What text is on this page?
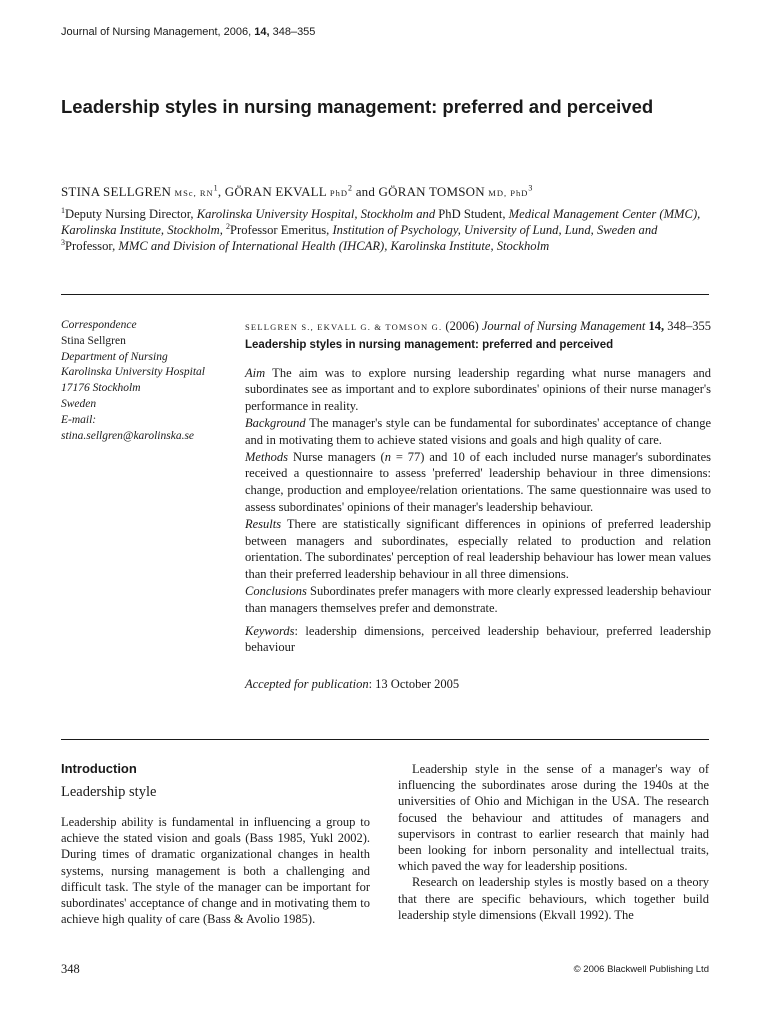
Journal of Nursing Management, 2006, 14, 348–355
Leadership styles in nursing management: preferred and perceived
STINA SELLGREN MSc, $RN^1$, GÖRAN EKVALL PhD$^2$ and GÖRAN TOMSON MD, PhD$^3$
$^1$Deputy Nursing Director, Karolinska University Hospital, Stockholm and PhD Student, Medical Management Center (MMC), Karolinska Institute, Stockholm, $^2$Professor Emeritus, Institution of Psychology, University of Lund, Lund, Sweden and $^3$Professor, MMC and Division of International Health (IHCAR), Karolinska Institute, Stockholm
Correspondence
Stina Sellgren
Department of Nursing
Karolinska University Hospital
17176 Stockholm
Sweden
E-mail:
stina.sellgren@karolinska.se
SELLGREN S., EKVALL G. & TOMSON G. (2006) Journal of Nursing Management 14, 348–355
Leadership styles in nursing management: preferred and perceived
Aim The aim was to explore nursing leadership regarding what nurse managers and subordinates see as important and to explore subordinates' opinions of their nurse manager's performance in reality.
Background The manager's style can be fundamental for subordinates' acceptance of change and in motivating them to achieve stated visions and goals and high quality of care.
Methods Nurse managers (n = 77) and 10 of each included nurse manager's subordinates received a questionnaire to assess 'preferred' leadership behaviour in three dimensions: change, production and employee/relation orientations. The same questionnaire was used to assess subordinates' opinions of their manager's leadership behaviour.
Results There are statistically significant differences in opinions of preferred leadership between managers and subordinates, especially related to production and relation orientation. The subordinates' perception of real leadership behaviour has lower mean values than their preferred leadership behaviour in all three dimensions.
Conclusions Subordinates prefer managers with more clearly expressed leadership behaviour than managers themselves prefer and demonstrate.
Keywords: leadership dimensions, perceived leadership behaviour, preferred leadership behaviour
Accepted for publication: 13 October 2005
Introduction
Leadership style

Leadership ability is fundamental in influencing a group to achieve the stated vision and goals (Bass 1985, Yukl 2002). During times of dramatic organizational changes in health systems, nursing management is both a challenging and difficult task. The style of the manager can be important for subordinates' acceptance of change and in motivating them to achieve high quality of care (Bass & Avolio 1985).

Leadership style in the sense of a manager's way of influencing the subordinates arose during the 1940s at the universities of Ohio and Michigan in the USA. The research focused the behaviour and attitudes of managers and supervisors in contrast to earlier research that mainly had been looking for inborn personality and intellectual traits, which paved the way for leadership positions.

Research on leadership styles is mostly based on a theory that there are specific behaviours, which together build leadership style dimensions (Ekvall 1992). The

348	© 2006 Blackwell Publishing Ltd
